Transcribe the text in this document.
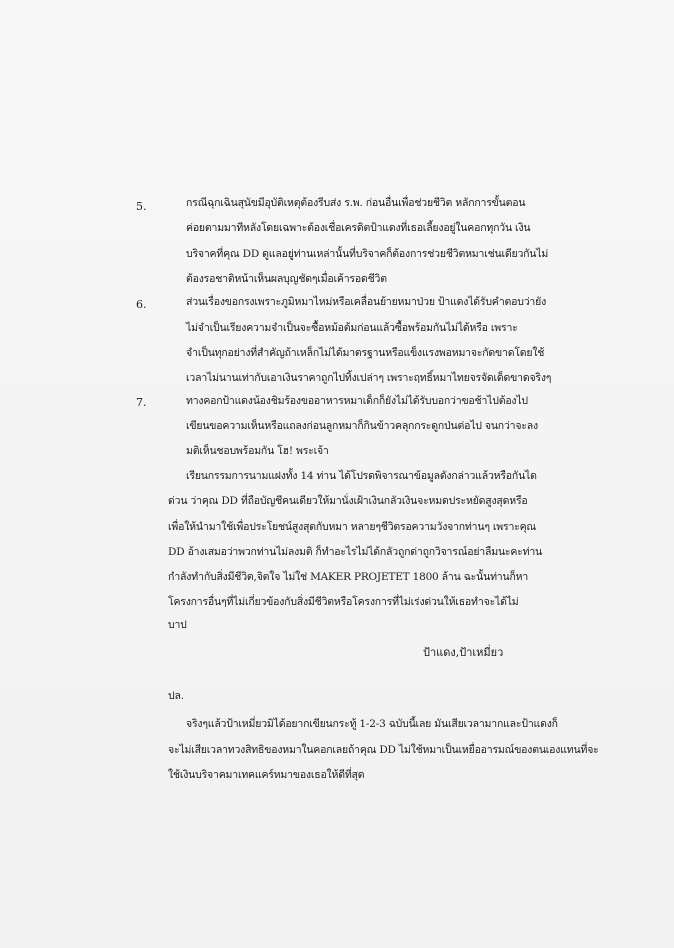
5.	กรณีฉุกเฉินสุนัขมีอุบัติเหตุต้องรีบส่ง ร.พ. ก่อนอื่นเพื่อช่วยชีวิต หลักการขั้นตอน
ค่อยตามมาทีหลังโดยเฉพาะต้องเชื่อเครดิตป้าแดงที่เธอเลี้ยงอยู่ในคอกทุกวัน เงิน
บริจาคที่คุณ DD ดูแลอยู่ท่านเหล่านั้นที่บริจาคก็ต้องการช่วยชีวิตหมาเช่นเดียวกันไม่
ต้องรอชาติหน้าเห็นผลบุญชัดๆเมื่อเค้ารอดชีวิต
6.	ส่วนเรื่องขอกรงเพราะภูมิหมาไหม่หรือเคลื่อนย้ายหมาป่วย ป้าแดงได้รับคำตอบว่ายัง
ไม่จำเป็นเรียงความจำเป็นจะซื้อหม้อต้มก่อนแล้วซื้อพร้อมกันไม่ได้หรือ เพราะ
จำเป็นทุกอย่างที่สำคัญถ้าเหล็กไม่ได้มาตรฐานหรือแข็งแรงพอหมาจะกัดขาดโดยใช้
เวลาไม่นานเท่ากับเอาเงินราคาถูกไปทิ้งเปล่าๆ เพราะฤทธิ์หมาไทยจรจัดเด็ดขาดจริงๆ
7.	ทางคอกป้าแดงน้องชิมร้องขออาหารหมาเด็กก็ยังไม่ได้รับบอกว่าขอช้าไปต้องไป
เขียนขอความเห็นหรือแถลงก่อนลูกหมาก็กินข้าวคลุกกระดูกป่นต่อไป จนกว่าจะลง
มติเห็นชอบพร้อมกัน โฮ! พระเจ้า
เรียนกรรมการนามแฝงทั้ง 14 ท่าน ได้โปรดพิจารณาข้อมูลดังกล่าวแล้วหรือกันได
ด่วน ว่าคุณ DD ที่ถือบัญชีคนเดียวให้มานั่งเฝ้าเงินกลัวเงินจะหมดประหยัดสูงสุดหรือ
เพื่อให้นำมาใช้เพื่อประโยชน์สูงสุดกับหมา หลายๆชีวิตรอความวังจากท่านๆ เพราะคุณ
DD อ้างเสมอว่าพวกท่านไม่ลงมติ ก็ทำอะไรไม่ได้กลัวถูกด่าถูกวิจารณ์อย่าลืมนะคะท่าน
กำลังทำกับสิ่งมีชีวิต,จิตใจ ไม่ใช่ MAKER PROJETET 1800 ล้าน ฉะนั้นท่านก็หา
โครงการอื่นๆที่ไม่เกี่ยวข้องกับสิ่งมีชีวิตหรือโครงการที่ไม่เร่งด่วนให้เธอทำจะได้ไม่
บาป
ป้าแดง,ป้าเหมี่ยว
ปล.
จริงๆแล้วป้าเหมี่ยวมิได้อยากเขียนกระทู้ 1-2-3 ฉบับนี้เลย มันเสียเวลามากและป้าแดงก็
จะไม่เสียเวลาทวงสิทธิของหมาในคอกเลยถ้าคุณ DD ไม่ใช้หมาเป็นเหยื่ออารมณ์ของตนเองแทนที่จะ
ใช้เงินบริจาคมาเทคแคร์หมาของเธอให้ดีที่สุด
